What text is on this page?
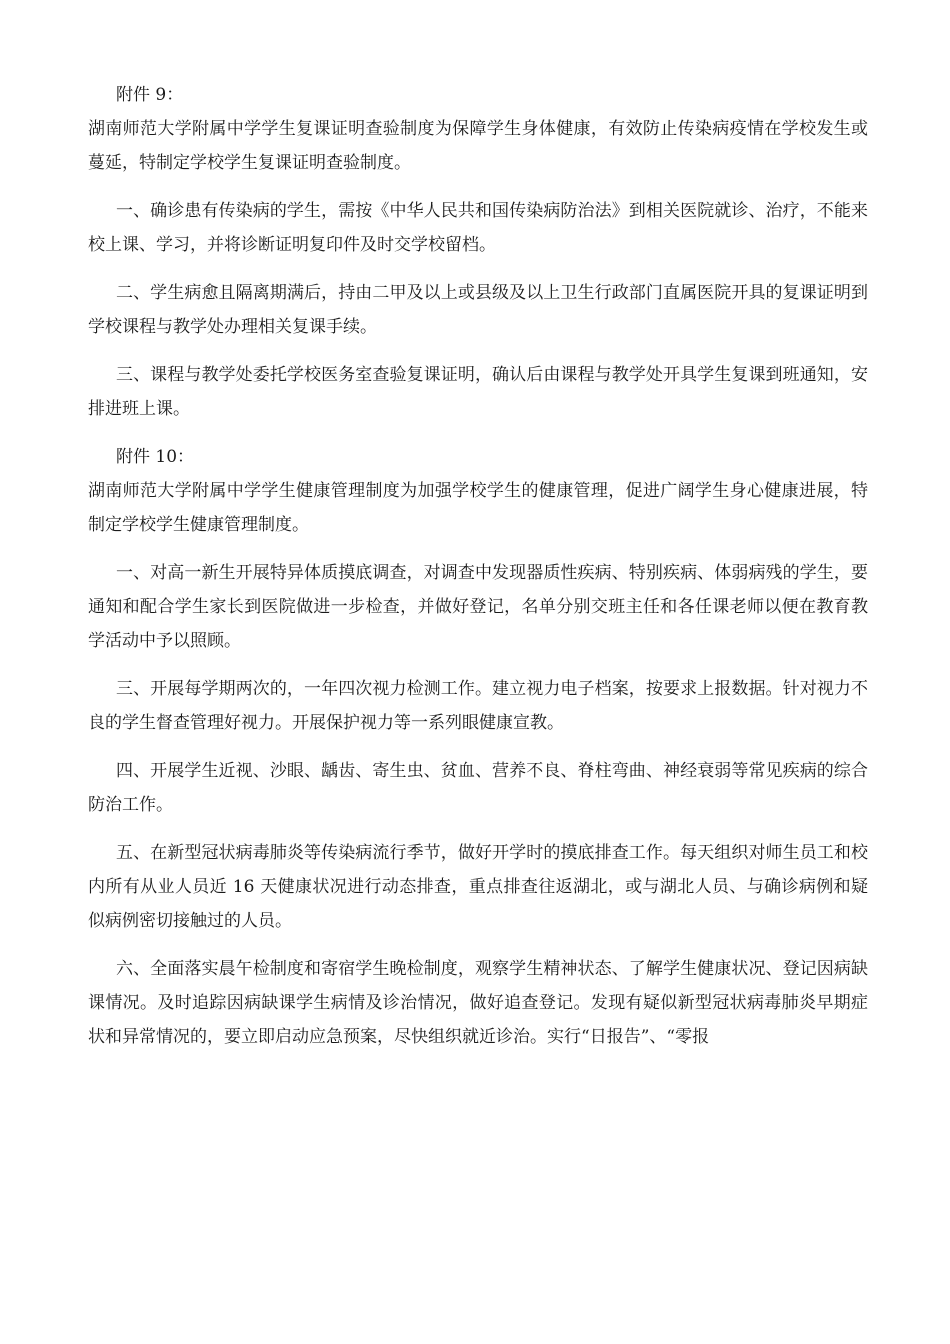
附件 9：

湖南师范大学附属中学学生复课证明查验制度为保障学生身体健康，有效防止传染病疫情在学校发生或蔓延，特制定学校学生复课证明查验制度。

一、确诊患有传染病的学生，需按《中华人民共和国传染病防治法》到相关医院就诊、治疗，不能来校上课、学习，并将诊断证明复印件及时交学校留档。

二、学生病愈且隔离期满后，持由二甲及以上或县级及以上卫生行政部门直属医院开具的复课证明到学校课程与教学处办理相关复课手续。

三、课程与教学处委托学校医务室查验复课证明，确认后由课程与教学处开具学生复课到班通知，安排进班上课。

附件 10：

湖南师范大学附属中学学生健康管理制度为加强学校学生的健康管理，促进广阔学生身心健康进展，特制定学校学生健康管理制度。

一、对高一新生开展特异体质摸底调查，对调查中发现器质性疾病、特别疾病、体弱病残的学生，要通知和配合学生家长到医院做进一步检查，并做好登记，名单分别交班主任和各任课老师以便在教育教学活动中予以照顾。

三、开展每学期两次的，一年四次视力检测工作。建立视力电子档案，按要求上报数据。针对视力不良的学生督查管理好视力。开展保护视力等一系列眼健康宣教。

四、开展学生近视、沙眼、龋齿、寄生虫、贫血、营养不良、脊柱弯曲、神经衰弱等常见疾病的综合防治工作。

五、在新型冠状病毒肺炎等传染病流行季节，做好开学时的摸底排查工作。每天组织对师生员工和校内所有从业人员近 16 天健康状况进行动态排查，重点排查往返湖北，或与湖北人员、与确诊病例和疑似病例密切接触过的人员。

六、全面落实晨午检制度和寄宿学生晚检制度，观察学生精神状态、了解学生健康状况、登记因病缺课情况。及时追踪因病缺课学生病情及诊治情况，做好追查登记。发现有疑似新型冠状病毒肺炎早期症状和异常情况的，要立即启动应急预案，尽快组织就近诊治。实行“日报告”、“零报
